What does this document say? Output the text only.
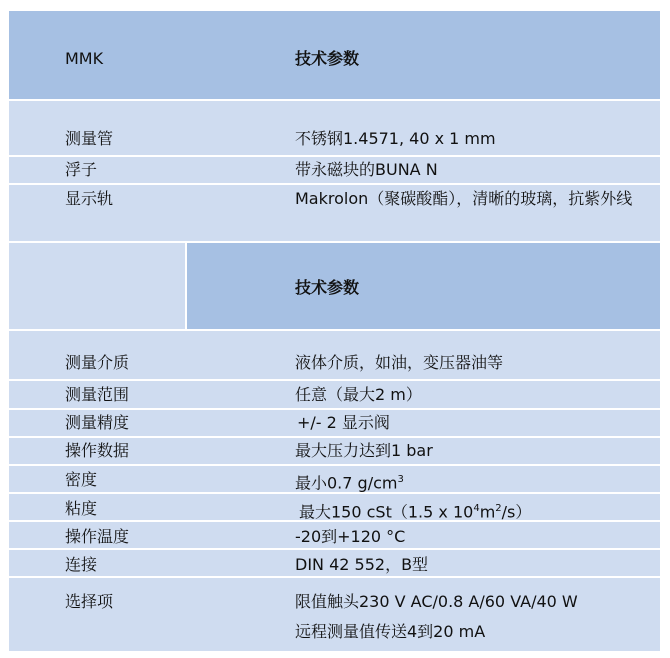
MMK	技术参数
测量管	不锈钢1.4571, 40 x 1 mm
浮子	带永磁块的BUNA N
显示轨	Makrolon（聚碳酸酯），清晰的玻璃，抗紫外线
技术参数
测量介质	液体介质，如油，变压器油等
测量范围	任意（最大2 m）
测量精度	+/- 2 显示阀
操作数据	最大压力达到1 bar
密度	最小0.7 $g/cm^3$
粘度	最大150 cSt（1.5 x $10^4m^2/s$）
操作温度	-20到+120 °C
连接	DIN 42 552，B型
选择项	限值触头230 V AC/0.8 A/60 VA/40 W
远程测量值传送4到20 mA
